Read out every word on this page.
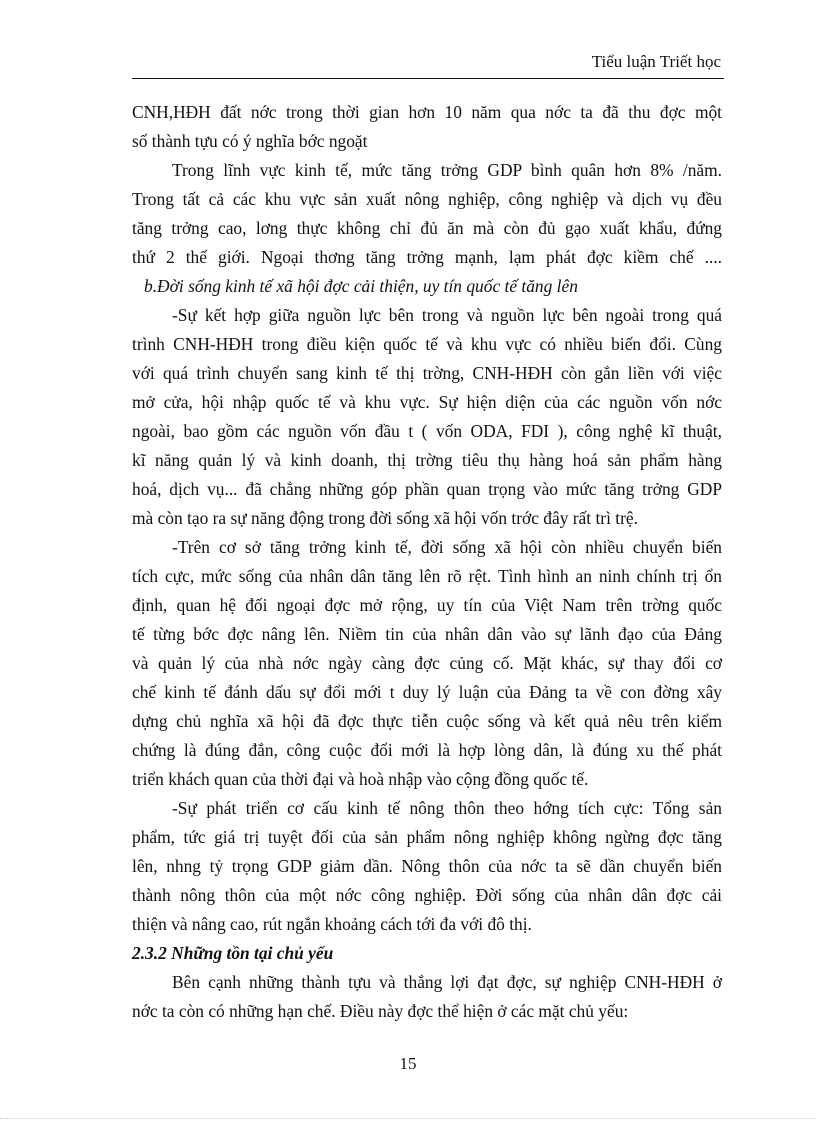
Tiểu luận Triết học
CNH,HĐH đất nớc trong thời gian hơn 10 năm qua nớc ta đã thu đợc một
số thành tựu có ý nghĩa bớc ngoặt
Trong lĩnh vực kinh tế, mức tăng trởng GDP bình quân hơn 8% /năm.
Trong tất cả các khu vực sản xuất nông nghiệp, công nghiệp và dịch vụ đều
tăng trởng cao, lơng thực không chỉ đủ ăn mà còn đủ gạo xuất khẩu, đứng
thứ 2 thế giới. Ngoại thơng tăng trởng mạnh, lạm phát đợc kiềm chế ....
b.Đời sống kinh tế xã hội đợc cải thiện, uy tín quốc tế tăng lên
-Sự kết hợp giữa nguồn lực bên trong và nguồn lực bên ngoài trong quá
trình CNH-HĐH trong điều kiện quốc tế và khu vực có nhiều biến đổi. Cùng
với quá trình chuyển sang kinh tế thị trờng, CNH-HĐH còn gắn liền với việc
mở cửa, hội nhập quốc tế và khu vực. Sự hiện diện của các nguồn vốn nớc
ngoài, bao gồm các nguồn vốn đầu t ( vốn ODA, FDI ), công nghệ kĩ thuật,
kĩ năng quản lý và kinh doanh, thị trờng tiêu thụ hàng hoá sản phẩm hàng
hoá, dịch vụ... đã chẳng những góp phần quan trọng vào mức tăng trởng GDP
mà còn tạo ra sự năng động trong đời sống xã hội vốn trớc đây rất trì trệ.
-Trên cơ sở tăng trởng kinh tế, đời sống xã hội còn nhiều chuyển biến
tích cực, mức sống của nhân dân tăng lên rõ rệt. Tình hình an ninh chính trị ổn
định, quan hệ đối ngoại đợc mở rộng, uy tín của Việt Nam trên trờng quốc
tế từng bớc đợc nâng lên. Niềm tin của nhân dân vào sự lãnh đạo của Đảng
và quản lý của nhà nớc ngày càng đợc củng cố. Mặt khác, sự thay đổi cơ
chế kinh tế đánh dấu sự đổi mới t duy lý luận của Đảng ta về con đờng xây
dựng chủ nghĩa xã hội đã đợc thực tiễn cuộc sống và kết quả nêu trên kiểm
chứng là đúng đắn, công cuộc đổi mới là hợp lòng dân, là đúng xu thế phát
triển khách quan của thời đại và hoà nhập vào cộng đồng quốc tế.
-Sự phát triển cơ cấu kinh tế nông thôn theo hớng tích cực: Tổng sản
phẩm, tức giá trị tuyệt đối của sản phẩm nông nghiệp không ngừng đợc tăng
lên, nhng tỷ trọng GDP giảm dần. Nông thôn của nớc ta sẽ dần chuyển biến
thành nông thôn của một nớc công nghiệp. Đời sống của nhân dân đợc cải
thiện và nâng cao, rút ngắn khoảng cách tới đa với đô thị.
2.3.2 Những tồn tại chủ yếu
Bên cạnh những thành tựu và thắng lợi đạt đợc, sự nghiệp CNH-HĐH ở
nớc ta còn có những hạn chế. Điều này đợc thể hiện ở các mặt chủ yếu:
15
